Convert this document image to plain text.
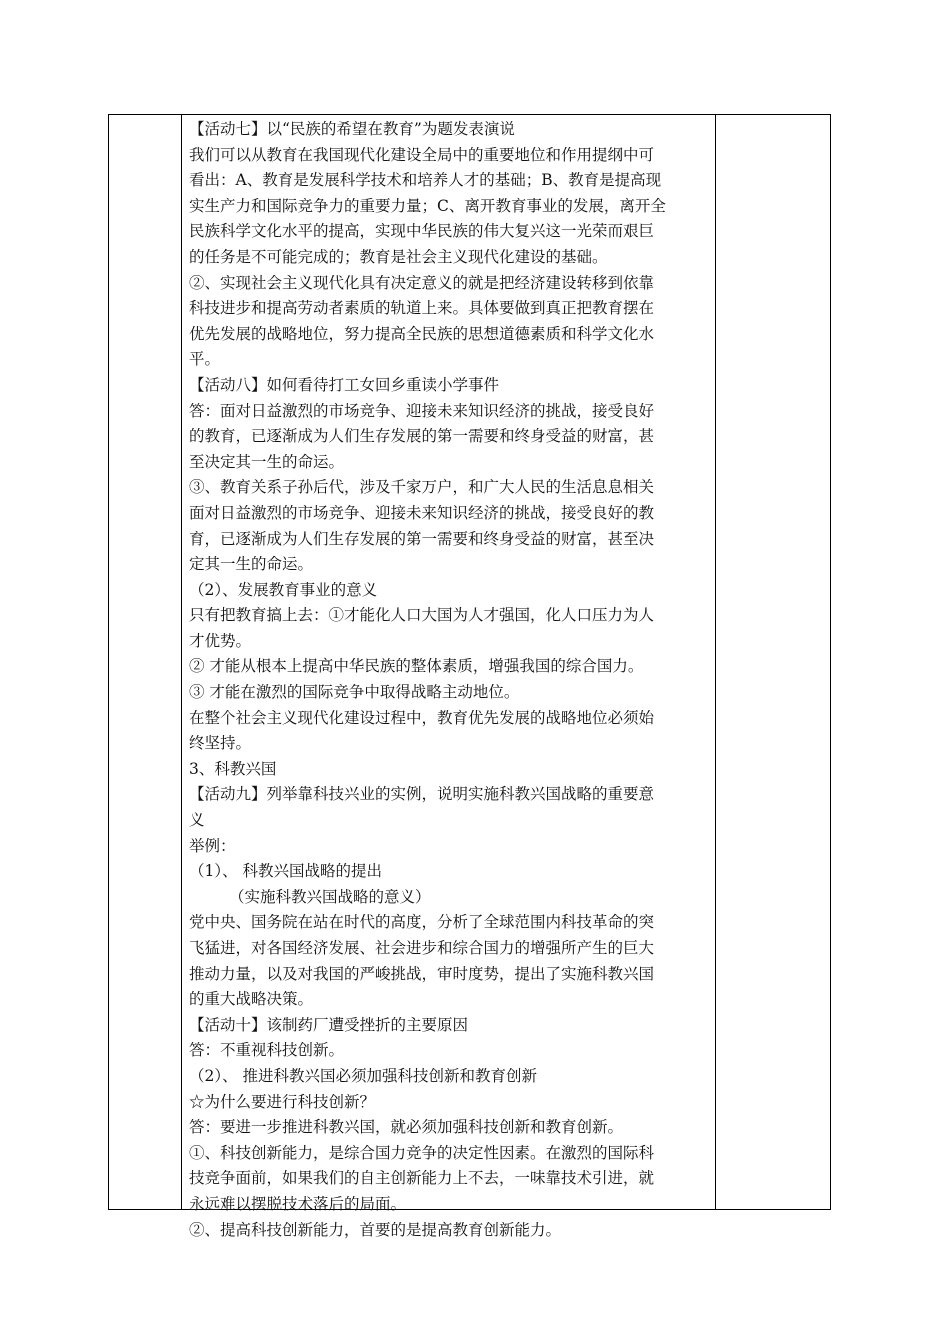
【活动七】以“民族的希望在教育”为题发表演说
我们可以从教育在我国现代化建设全局中的重要地位和作用提纲中可
看出：A、教育是发展科学技术和培养人才的基础；B、教育是提高现
实生产力和国际竞争力的重要力量；C、离开教育事业的发展，离开全
民族科学文化水平的提高，实现中华民族的伟大复兴这一光荣而艰巨
的任务是不可能完成的；教育是社会主义现代化建设的基础。
②、实现社会主义现代化具有决定意义的就是把经济建设转移到依靠
科技进步和提高劳动者素质的轨道上来。具体要做到真正把教育摆在
优先发展的战略地位，努力提高全民族的思想道德素质和科学文化水
平。
【活动八】如何看待打工女回乡重读小学事件
答：面对日益激烈的市场竞争、迎接未来知识经济的挑战，接受良好
的教育，已逐渐成为人们生存发展的第一需要和终身受益的财富，甚
至决定其一生的命运。
③、教育关系子孙后代，涉及千家万户，和广大人民的生活息息相关
面对日益激烈的市场竞争、迎接未来知识经济的挑战，接受良好的教
育，已逐渐成为人们生存发展的第一需要和终身受益的财富，甚至决
定其一生的命运。
（2）、发展教育事业的意义
只有把教育搞上去：①才能化人口大国为人才强国，化人口压力为人
才优势。
② 才能从根本上提高中华民族的整体素质，增强我国的综合国力。
③ 才能在激烈的国际竞争中取得战略主动地位。
在整个社会主义现代化建设过程中，教育优先发展的战略地位必须始
终坚持。
3、科教兴国
【活动九】列举靠科技兴业的实例，说明实施科教兴国战略的重要意
义
举例：
（1）、 科教兴国战略的提出
（实施科教兴国战略的意义）
党中央、国务院在站在时代的高度，分析了全球范围内科技革命的突
飞猛进，对各国经济发展、社会进步和综合国力的增强所产生的巨大
推动力量，以及对我国的严峻挑战，审时度势，提出了实施科教兴国
的重大战略决策。
【活动十】该制药厂遭受挫折的主要原因
答：不重视科技创新。
（2）、 推进科教兴国必须加强科技创新和教育创新
☆为什么要进行科技创新？
答：要进一步推进科教兴国，就必须加强科技创新和教育创新。
①、科技创新能力，是综合国力竞争的决定性因素。在激烈的国际科
技竞争面前，如果我们的自主创新能力上不去，一味靠技术引进，就
永远难以摆脱技术落后的局面。
②、提高科技创新能力，首要的是提高教育创新能力。
